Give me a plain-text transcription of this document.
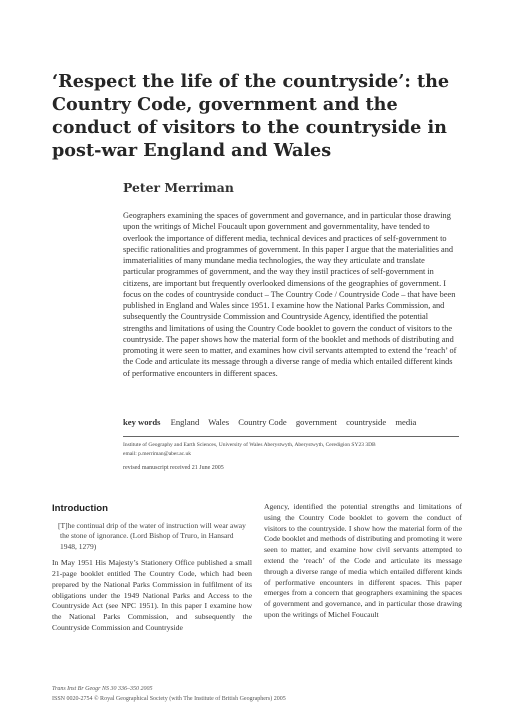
‘Respect the life of the countryside’: the Country Code, government and the conduct of visitors to the countryside in post-war England and Wales

Peter Merriman

Geographers examining the spaces of government and governance, and in particular those drawing upon the writings of Michel Foucault upon government and governmentality, have tended to overlook the importance of different media, technical devices and practices of self-government to specific rationalities and programmes of government. In this paper I argue that the materialities and immaterialities of many mundane media technologies, the way they articulate and translate particular programmes of government, and the way they instil practices of self-government in citizens, are important but frequently overlooked dimensions of the geographies of government. I focus on the codes of countryside conduct – The Country Code / Countryside Code – that have been published in England and Wales since 1951. I examine how the National Parks Commission, and subsequently the Countryside Commission and Countryside Agency, identified the potential strengths and limitations of using the Country Code booklet to govern the conduct of visitors to the countryside. The paper shows how the material form of the booklet and methods of distributing and promoting it were seen to matter, and examines how civil servants attempted to extend the ‘reach’ of the Code and articulate its message through a diverse range of media which entailed different kinds of performative encounters in different spaces.

key words England Wales Country Code government countryside media
Institute of Geography and Earth Sciences, University of Wales Aberystwyth, Aberystwyth, Ceredigion SY23 3DB
email: p.merriman@aber.ac.uk
revised manuscript received 21 June 2005
Introduction

[T]he continual drip of the water of instruction will wear away the stone of ignorance. (Lord Bishop of Truro, in Hansard 1948, 1279)

In May 1951 His Majesty’s Stationery Office published a small 21-page booklet entitled The Country Code, which had been prepared by the National Parks Commission in fulfilment of its obligations under the 1949 National Parks and Access to the Countryside Act (see NPC 1951). In this paper I examine how the National Parks Commission, and subsequently the Countryside Commission and Countryside

Agency, identified the potential strengths and limitations of using the Country Code booklet to govern the conduct of visitors to the countryside. I show how the material form of the Code booklet and methods of distributing and promoting it were seen to matter, and examine how civil servants attempted to extend the ‘reach’ of the Code and articulate its message through a diverse range of media which entailed different kinds of performative encounters in different spaces. This paper emerges from a concern that geographers examining the spaces of government and governance, and in particular those drawing upon the writings of Michel Foucault

Trans Inst Br Geogr NS 30 336–350 2005
ISSN 0020-2754 © Royal Geographical Society (with The Institute of British Geographers) 2005
